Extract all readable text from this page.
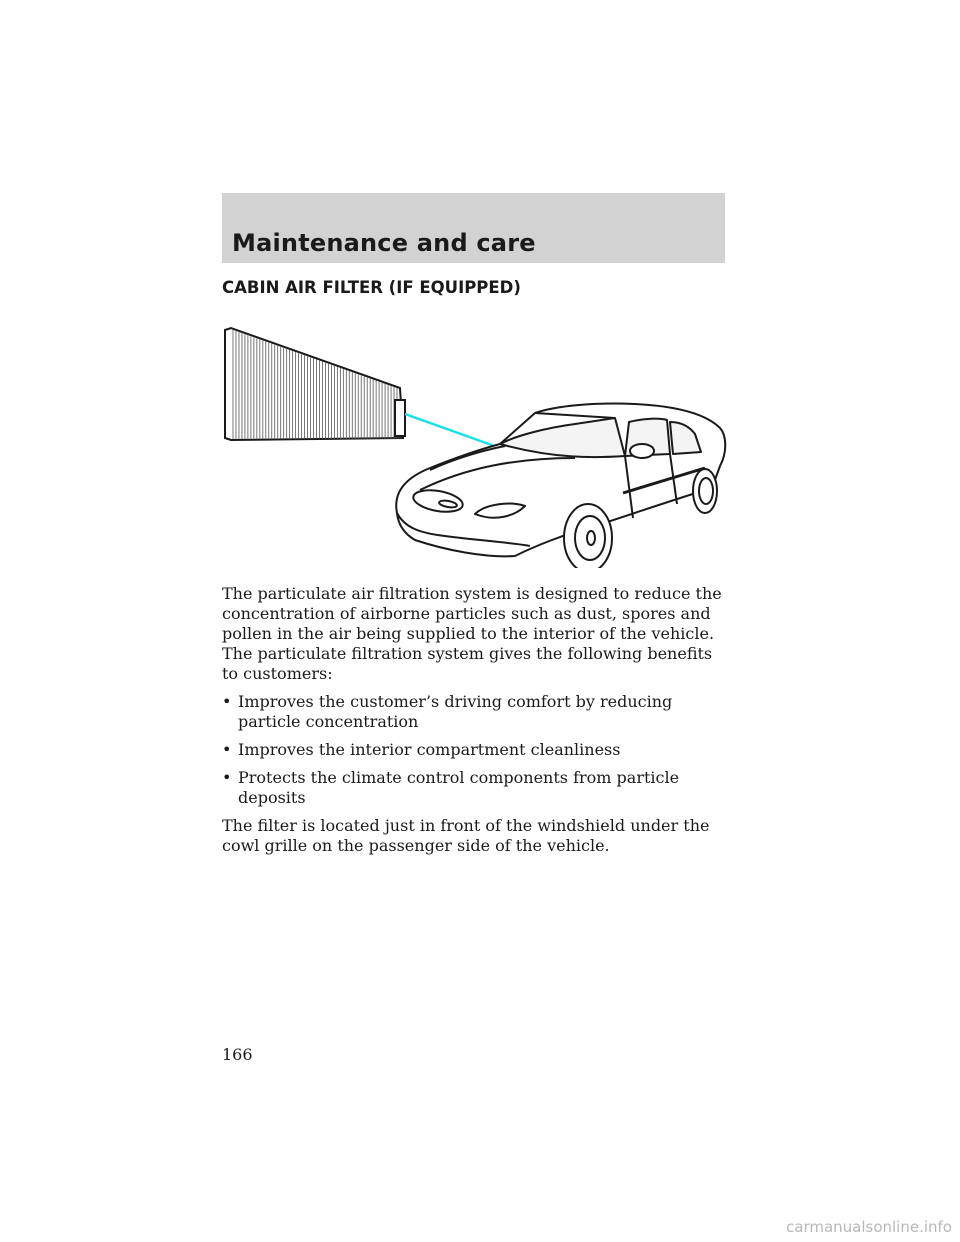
Maintenance and care
CABIN AIR FILTER (IF EQUIPPED)

The particulate air filtration system is designed to reduce the concentration of airborne particles such as dust, spores and pollen in the air being supplied to the interior of the vehicle. The particulate filtration system gives the following benefits to customers:

• Improves the customer’s driving comfort by reducing particle concentration
• Improves the interior compartment cleanliness
• Protects the climate control components from particle deposits

The filter is located just in front of the windshield under the cowl grille on the passenger side of the vehicle.

166
carmanualsonline.info
